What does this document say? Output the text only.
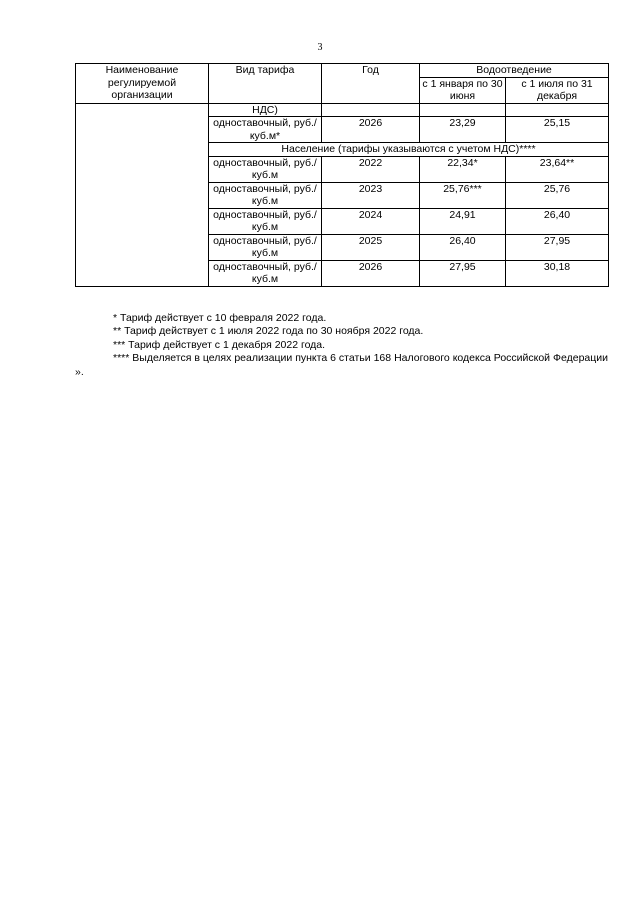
3
Наименование регулируемой организации	Вид тарифа	Год	Водоотведение	
			с 1 января по 30 июня	с 1 июля по 31 декабря
	НДС)			
	одноставочный, руб./куб.м*	2026	23,29	25,15
	Население (тарифы указываются с учетом НДС)****			
	одноставочный, руб./куб.м	2022	22,34*	23,64**
	одноставочный, руб./куб.м	2023	25,76***	25,76
	одноставочный, руб./куб.м	2024	24,91	26,40
	одноставочный, руб./куб.м	2025	26,40	27,95
	одноставочный, руб./куб.м	2026	27,95	30,18

* Тариф действует с 10 февраля 2022 года.
** Тариф действует с 1 июля 2022 года по 30 ноября 2022 года.
*** Тариф действует с 1 декабря 2022 года.
**** Выделяется в целях реализации пункта 6 статьи 168 Налогового кодекса Российской Федерации ».
